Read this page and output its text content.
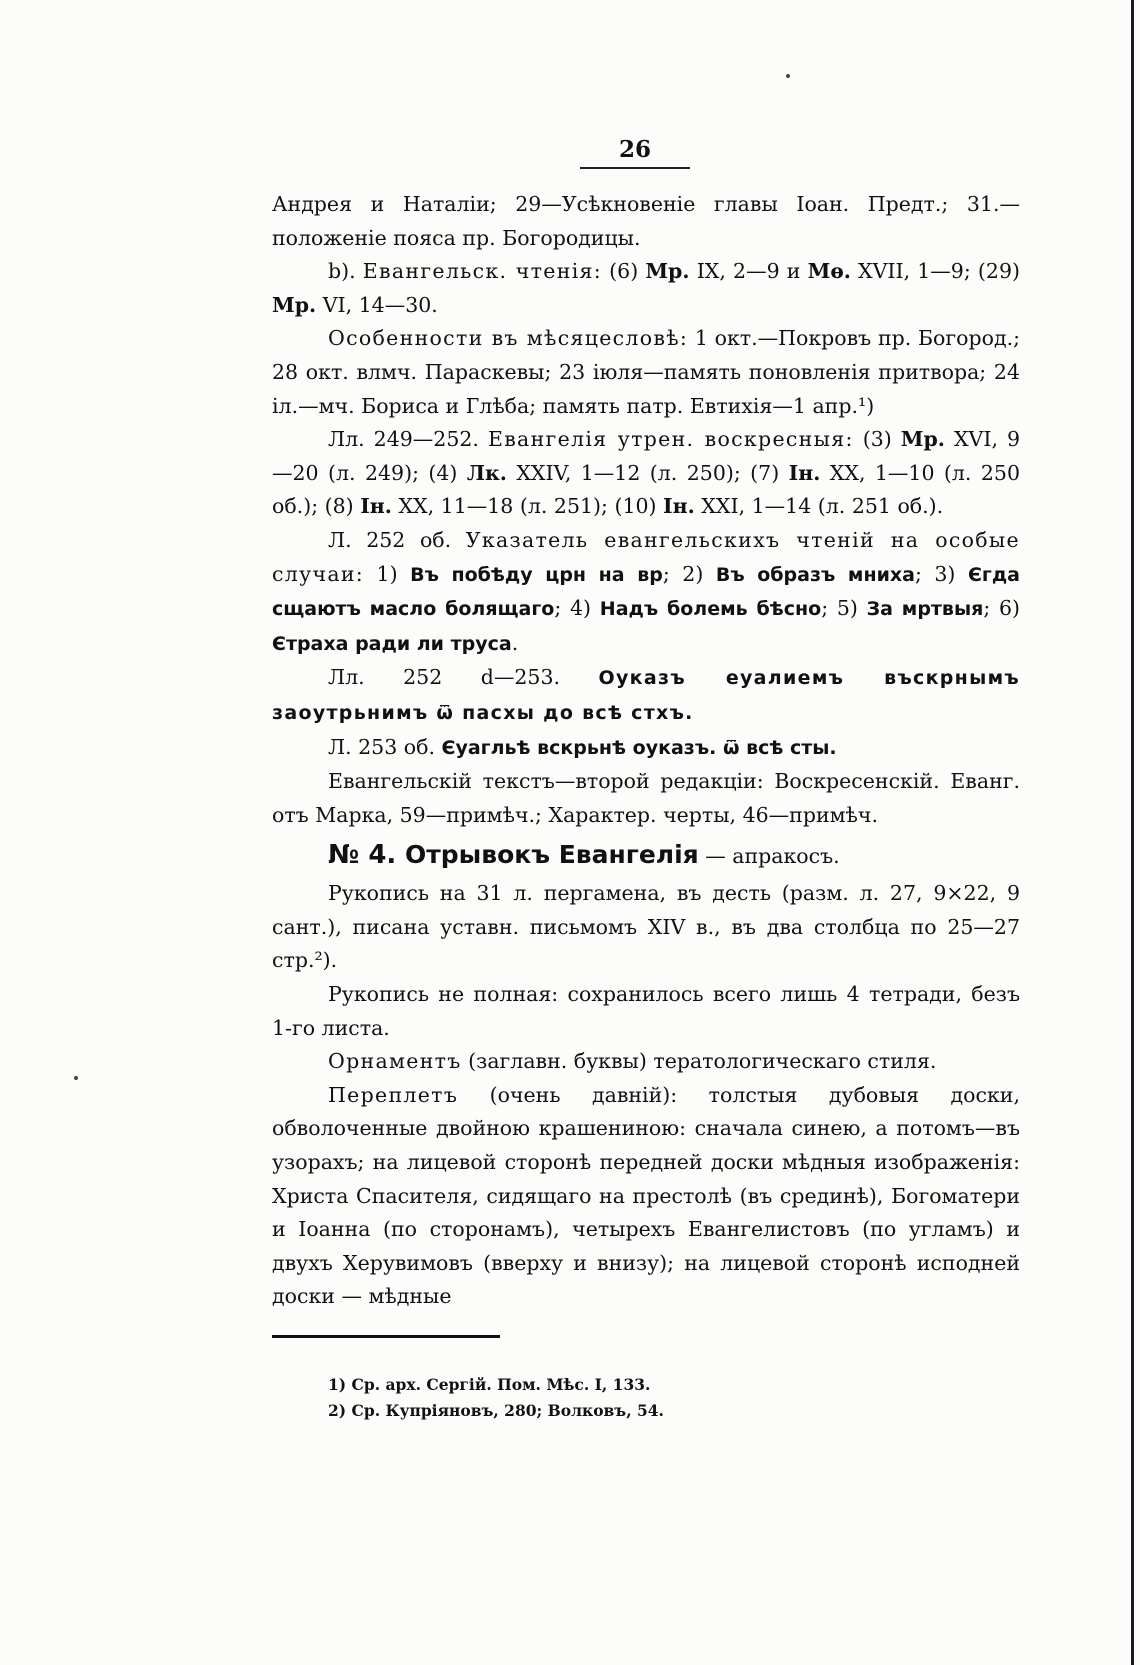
26

Андрея и Наталіи; 29—Усѣкновеніе главы Іоан. Предт.; 31.—положеніе пояса пр. Богородицы.

b). Евангельск. чтенія: (6) Мр. IX, 2—9 и Мѳ. XVII, 1—9; (29) Мр. VI, 14—30.

Особенности въ мѣсяцесловѣ: 1 окт.—Покровъ пр. Богород.; 28 окт. влмч. Параскевы; 23 іюля—память поновленія притвора; 24 іл.—мч. Бориса и Глѣба; память патр. Евтихія—1 апр.¹)

Лл. 249—252. Евангелія утрен. воскресныя: (3) Мр. XVI, 9—20 (л. 249); (4) Лк. XXIV, 1—12 (л. 250); (7) Ін. XX, 1—10 (л. 250 об.); (8) Ін. XX, 11—18 (л. 251); (10) Ін. XXI, 1—14 (л. 251 об.).

Л. 252 об. Указатель евангельскихъ чтеній на особые случаи: 1) Въ побѣду црн на вр; 2) Въ образъ мнихa; 3) Єгда сщаютъ масло болящаго; 4) Надъ болемь бѣсно; 5) За мртвыя; 6) Єтраха ради ли труса.

Лл. 252 d—253. Оуказъ еуалиемъ въскрнымъ заоутрьнимъ ѿ пасхы до всѣ стхъ.

Л. 253 об. Єуагльѣ вскрьнѣ оуказъ. ѿ всѣ сты.

Евангельскій текстъ—второй редакціи: Воскресенскій. Еванг. отъ Марка, 59—примѣч.; Характер. черты, 46—примѣч.

№ 4. Отрывокъ Евангелія — апракосъ.

Рукопись на 31 л. пергамена, въ десть (разм. л. 27, 9×22, 9 сант.), писана уставн. письмомъ XIV в., въ два столбца по 25—27 стр.²).

Рукопись не полная: сохранилось всего лишь 4 тетради, безъ 1-го листа.

Орнаментъ (заглавн. буквы) тератологическаго стиля.

Переплетъ (очень давній): толстыя дубовыя доски, обволоченные двойною крашениною: сначала синею, а потомъ—въ узорахъ; на лицевой сторонѣ передней доски мѣдныя изображенія: Христа Спасителя, сидящаго на престолѣ (въ срединѣ), Богоматери и Іоанна (по сторонамъ), четырехъ Евангелистовъ (по угламъ) и двухъ Херувимовъ (вверху и внизу); на лицевой сторонѣ исподней доски — мѣдные

1) Ср. арх. Сергій. Пом. Мѣс. I, 133.

2) Ср. Купріяновъ, 280; Волковъ, 54.
